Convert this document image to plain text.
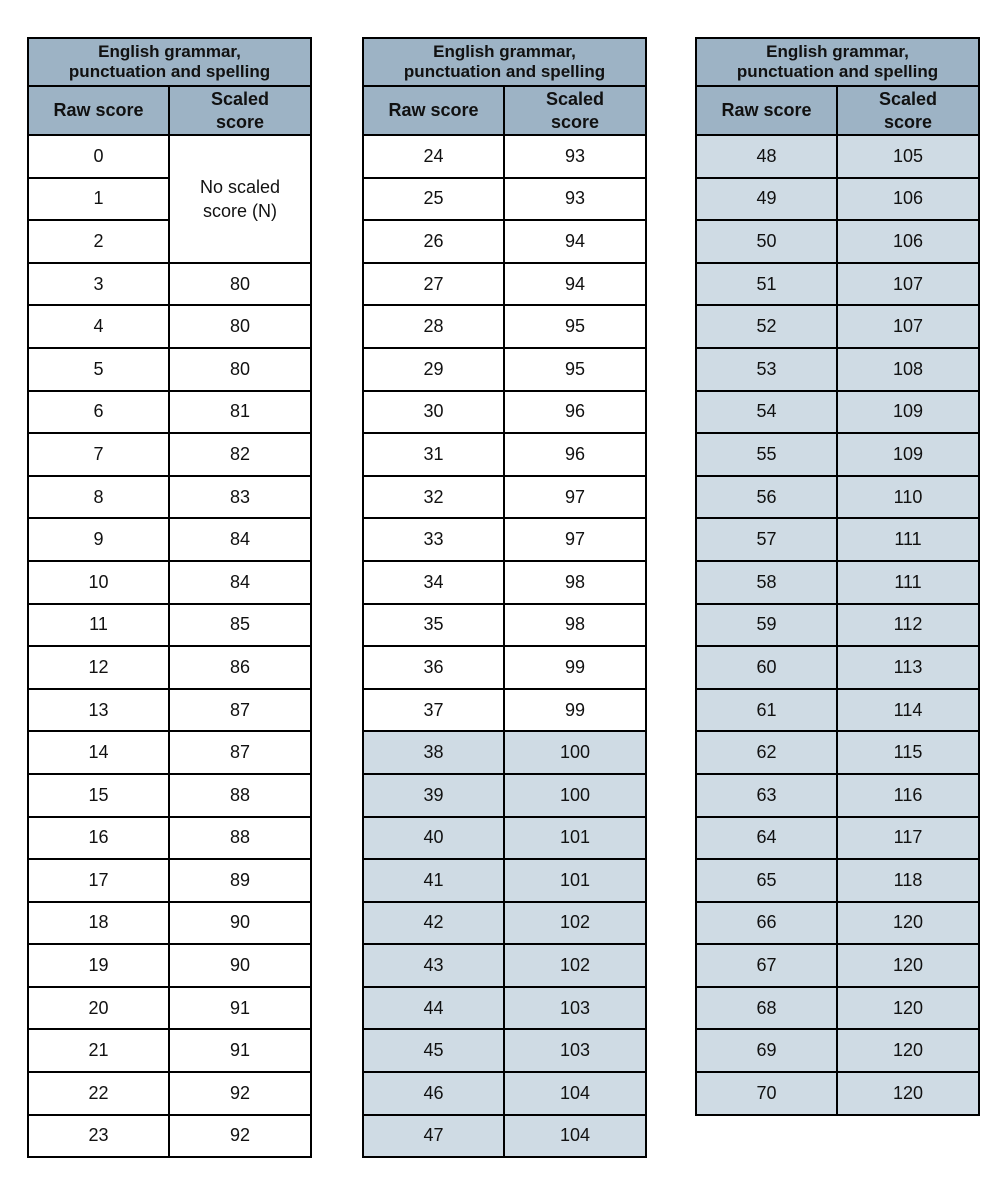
English grammar,
punctuation and spelling	
Raw score	Scaled
score
0	No scaled
score (N)
1	
2	
3	80
4	80
5	80
6	81
7	82
8	83
9	84
10	84
11	85
12	86
13	87
14	87
15	88
16	88
17	89
18	90
19	90
20	91
21	91
22	92
23	92
English grammar,
punctuation and spelling	
Raw score	Scaled
score
24	93
25	93
26	94
27	94
28	95
29	95
30	96
31	96
32	97
33	97
34	98
35	98
36	99
37	99
38	100
39	100
40	101
41	101
42	102
43	102
44	103
45	103
46	104
47	104
English grammar,
punctuation and spelling	
Raw score	Scaled
score
48	105
49	106
50	106
51	107
52	107
53	108
54	109
55	109
56	110
57	111
58	111
59	112
60	113
61	114
62	115
63	116
64	117
65	118
66	120
67	120
68	120
69	120
70	120
